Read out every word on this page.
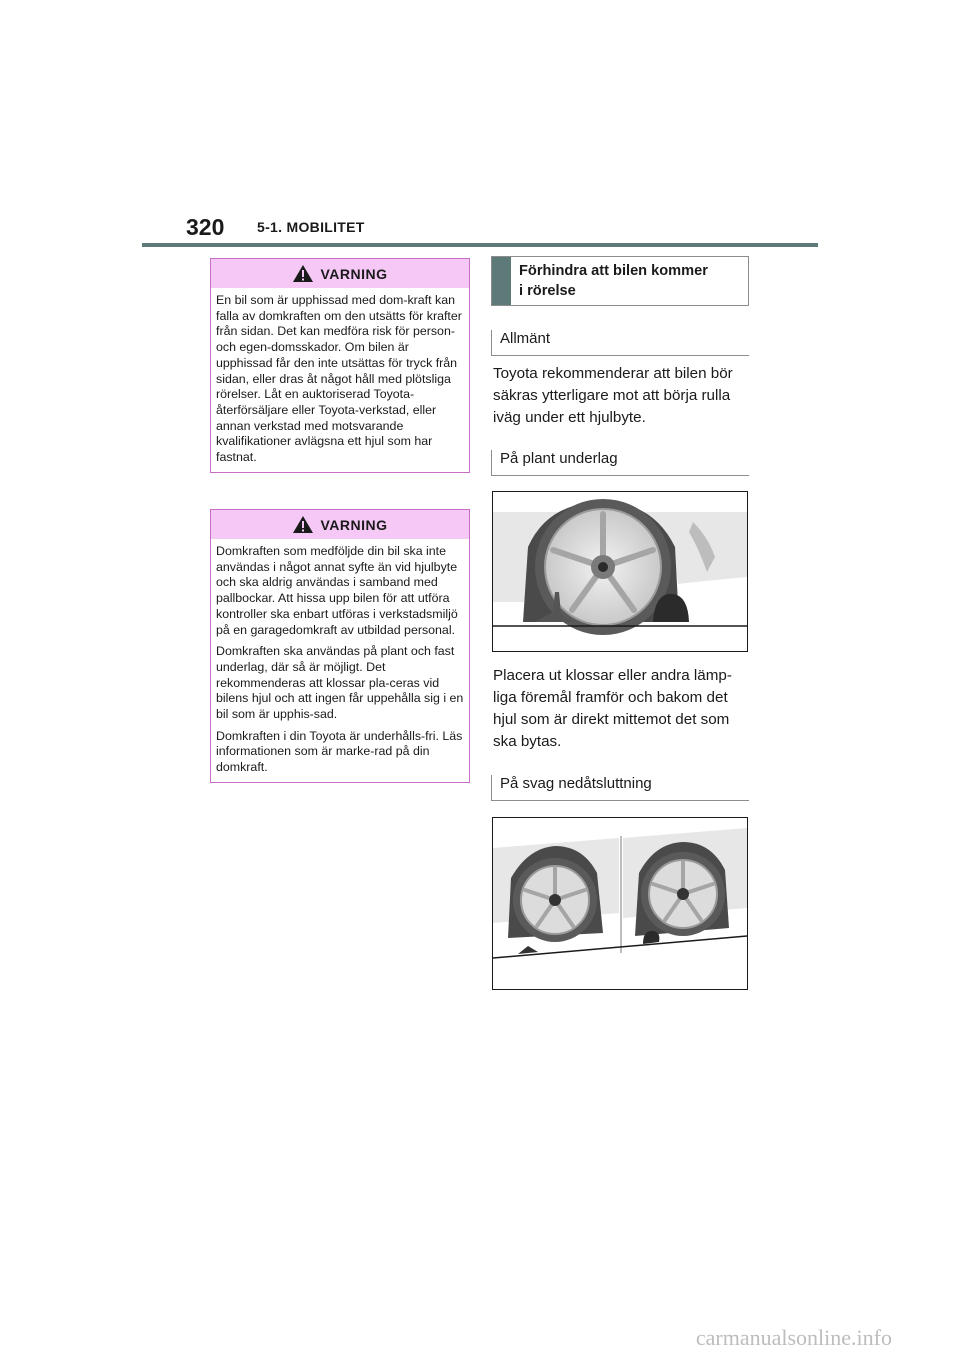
320 5-1. MOBILITET
VARNING

En bil som är upphissad med dom-kraft kan falla av domkraften om den utsätts för krafter från sidan. Det kan medföra risk för person- och egen-domsskador. Om bilen är upphissad får den inte utsättas för tryck från sidan, eller dras åt något håll med plötsliga rörelser. Låt en auktoriserad Toyota-återförsäljare eller Toyota-verkstad, eller annan verkstad med motsvarande kvalifikationer avlägsna ett hjul som har fastnat.

VARNING

Domkraften som medföljde din bil ska inte användas i något annat syfte än vid hjulbyte och ska aldrig användas i samband med pallbockar. Att hissa upp bilen för att utföra kontroller ska enbart utföras i verkstadsmiljö på en garagedomkraft av utbildad personal.

Domkraften ska användas på plant och fast underlag, där så är möjligt. Det rekommenderas att klossar pla-ceras vid bilens hjul och att ingen får uppehålla sig i en bil som är upphis-sad.

Domkraften i din Toyota är underhålls-fri. Läs informationen som är marke-rad på din domkraft.

Förhindra att bilen kommer
i rörelse
Allmänt
Toyota rekommenderar att bilen bör säkras ytterligare mot att börja rulla iväg under ett hjulbyte.
På plant underlag
Placera ut klossar eller andra lämp-liga föremål framför och bakom det hjul som är direkt mittemot det som ska bytas.
På svag nedåtsluttning
carmanualsonline.info
